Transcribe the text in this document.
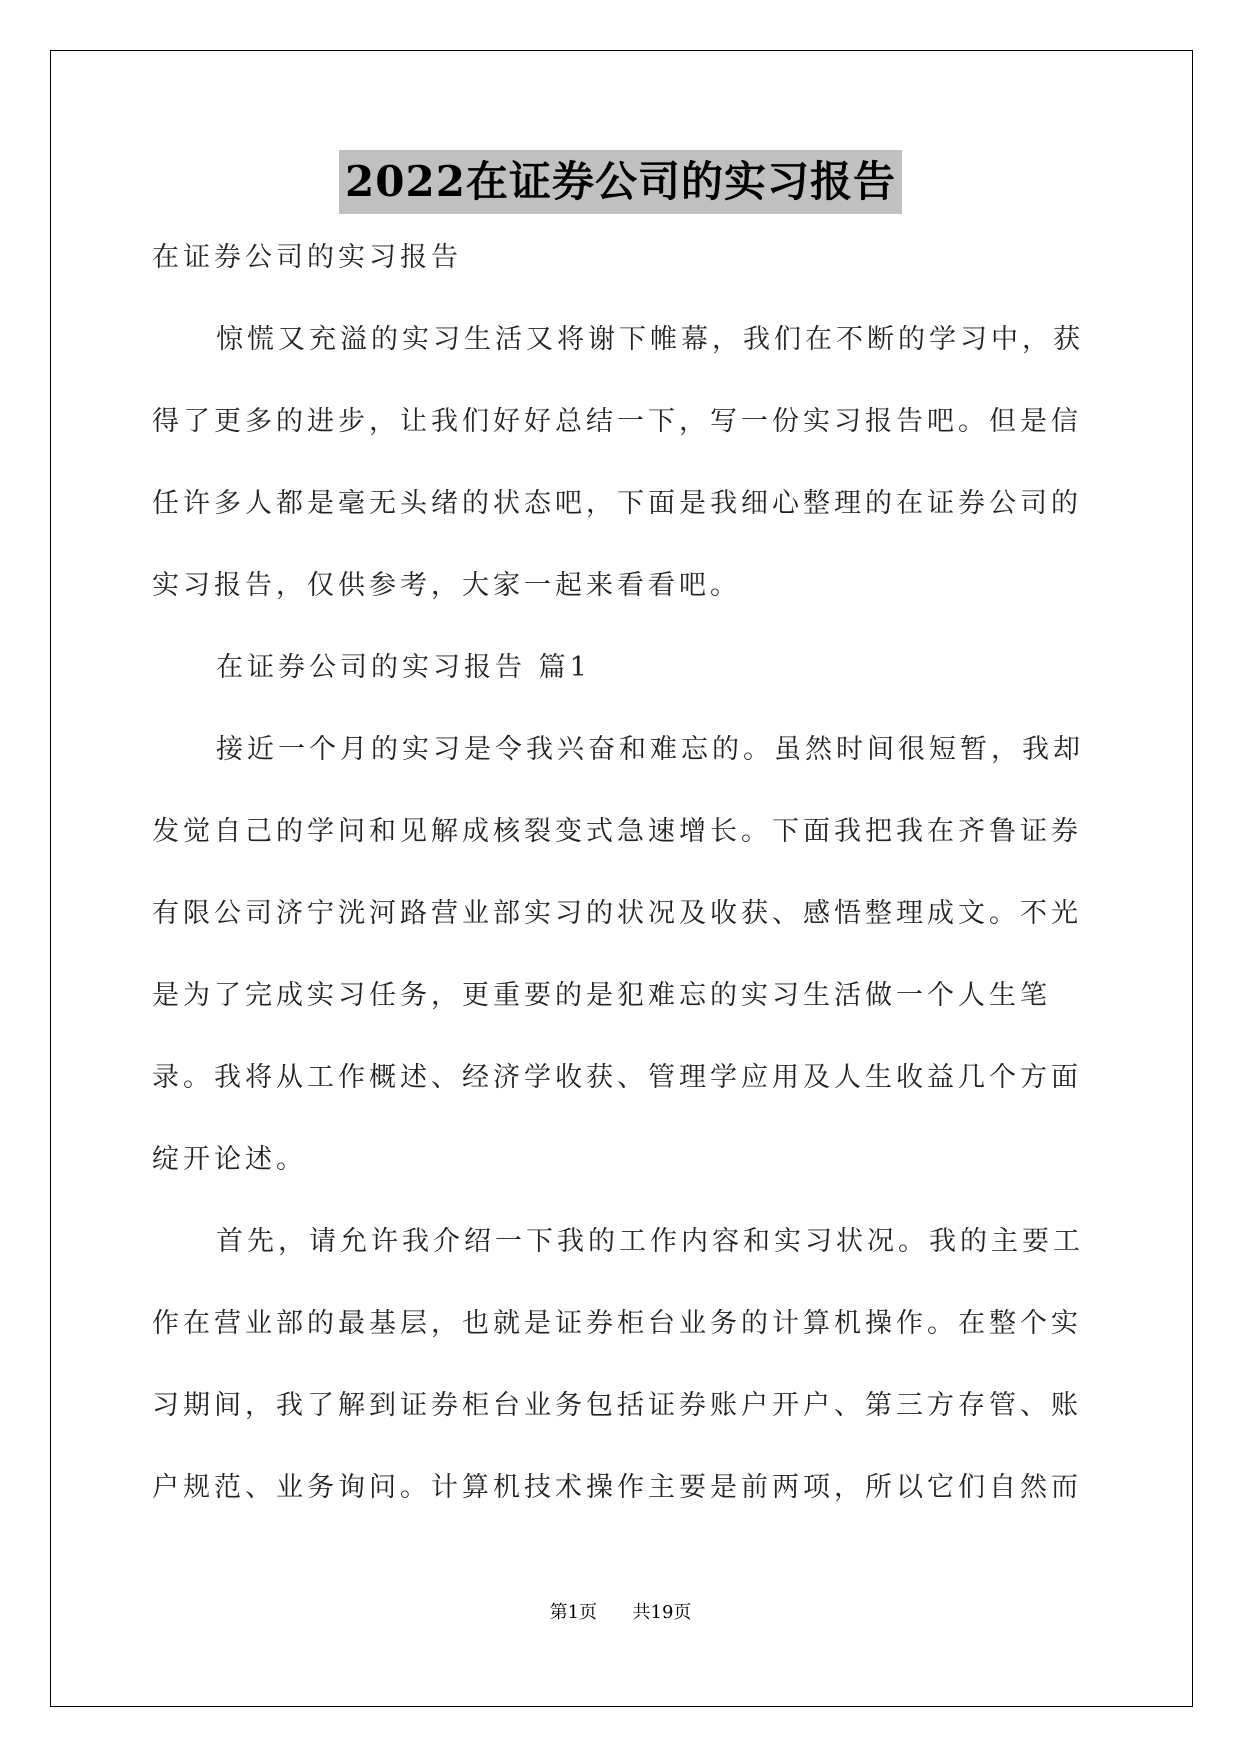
2022在证券公司的实习报告

在证券公司的实习报告

惊慌又充溢的实习生活又将谢下帷幕，我们在不断的学习中，获得了更多的进步，让我们好好总结一下，写一份实习报告吧。但是信任许多人都是毫无头绪的状态吧，下面是我细心整理的在证券公司的实习报告，仅供参考，大家一起来看看吧。

在证券公司的实习报告 篇1

接近一个月的实习是令我兴奋和难忘的。虽然时间很短暂，我却发觉自己的学问和见解成核裂变式急速增长。下面我把我在齐鲁证券有限公司济宁洸河路营业部实习的状况及收获、感悟整理成文。不光是为了完成实习任务，更重要的是犯难忘的实习生活做一个人生笔录。我将从工作概述、经济学收获、管理学应用及人生收益几个方面绽开论述。

首先，请允许我介绍一下我的工作内容和实习状况。我的主要工作在营业部的最基层，也就是证券柜台业务的计算机操作。在整个实习期间，我了解到证券柜台业务包括证券账户开户、第三方存管、账户规范、业务询问。计算机技术操作主要是前两项，所以它们自然而

第1页 共19页
